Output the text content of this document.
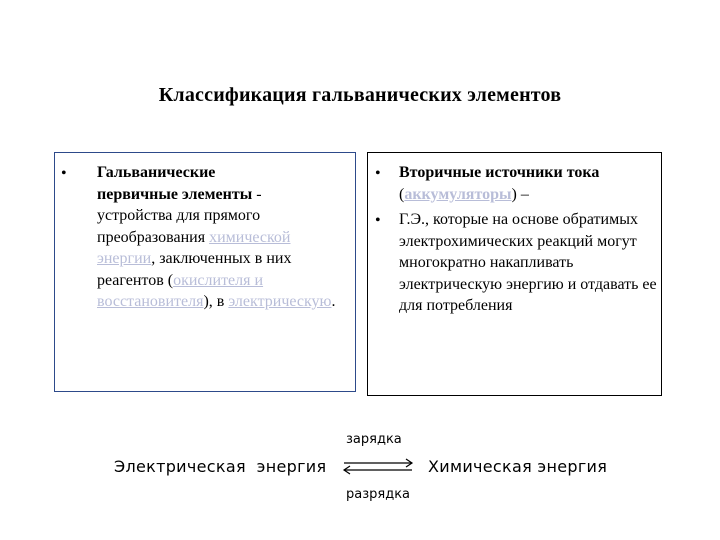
Классификация гальванических элементов
• Гальванические
первичные элементы -
устройства для прямого преобразования химической энергии, заключенных в них реагентов (окислителя и восстановителя), в электрическую.
• Вторичные источники тока
(аккумуляторы) –
• Г.Э., которые на основе обратимых электрохимических реакций могут многократно накапливать электрическую энергию и отдавать ее для потребления
зарядка
Электрическая  энергия	Химическая энергия
разрядка
